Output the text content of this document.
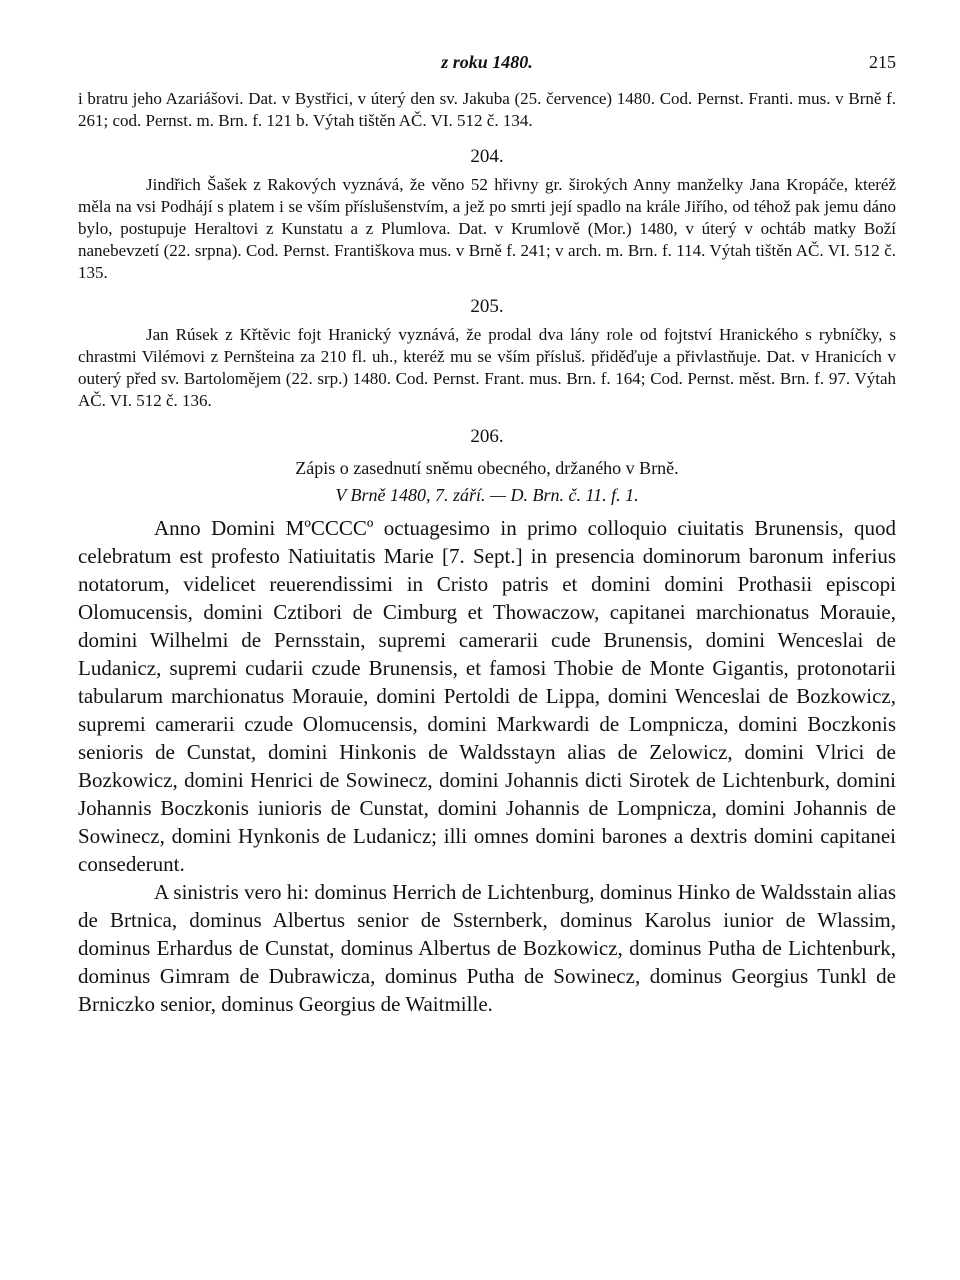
z roku 1480.	215

i bratru jeho Azariášovi. Dat. v Bystřici, v úterý den sv. Jakuba (25. července) 1480. Cod. Pernst. Franti. mus. v Brně f. 261; cod. Pernst. m. Brn. f. 121 b. Výtah tištěn AČ. VI. 512 č. 134.

204.

Jindřich Šašek z Rakových vyznává, že věno 52 hřivny gr. širokých Anny manželky Jana Kropáče, kteréž měla na vsi Podhájí s platem i se vším příslušenstvím, a jež po smrti její spadlo na krále Jiřího, od téhož pak jemu dáno bylo, postupuje Heraltovi z Kunstatu a z Plumlova. Dat. v Krumlově (Mor.) 1480, v úterý v ochtáb matky Boží nanebevzetí (22. srpna). Cod. Pernst. Františkova mus. v Brně f. 241; v arch. m. Brn. f. 114. Výtah tištěn AČ. VI. 512 č. 135.

205.

Jan Rúsek z Křtěvic fojt Hranický vyznává, že prodal dva lány role od fojtství Hranického s rybníčky, s chrastmi Vilémovi z Pernšteina za 210 fl. uh., kteréž mu se vším přísluš. přiděďuje a přivlastňuje. Dat. v Hranicích v outerý před sv. Bartolomějem (22. srp.) 1480. Cod. Pernst. Frant. mus. Brn. f. 164; Cod. Pernst. měst. Brn. f. 97. Výtah AČ. VI. 512 č. 136.

206.

Zápis o zasednutí sněmu obecného, držaného v Brně.

V Brně 1480, 7. září. — D. Brn. č. 11. f. 1.

Anno Domini MºCCCCº octuagesimo in primo colloquio ciuitatis Brunensis, quod celebratum est profesto Natiuitatis Marie [7. Sept.] in presencia dominorum baronum inferius notatorum, videlicet reuerendissimi in Cristo patris et domini domini Prothasii episcopi Olomucensis, domini Cztibori de Cimburg et Thowaczow, capitanei marchionatus Morauie, domini Wilhelmi de Pernsstain, supremi camerarii cude Brunensis, domini Wenceslai de Ludanicz, supremi cudarii czude Brunensis, et famosi Thobie de Monte Gigantis, protonotarii tabularum marchionatus Morauie, domini Pertoldi de Lippa, domini Wenceslai de Bozkowicz, supremi camerarii czude Olomucensis, domini Markwardi de Lompnicza, domini Boczkonis senioris de Cunstat, domini Hinkonis de Waldsstayn alias de Zelowicz, domini Vlrici de Bozkowicz, domini Henrici de Sowinecz, domini Johannis dicti Sirotek de Lichtenburk, domini Johannis Boczkonis iunioris de Cunstat, domini Johannis de Lompnicza, domini Johannis de Sowinecz, domini Hynkonis de Ludanicz; illi omnes domini barones a dextris domini capitanei consederunt.

A sinistris vero hi: dominus Herrich de Lichtenburg, dominus Hinko de Waldsstain alias de Brtnica, dominus Albertus senior de Ssternberk, dominus Karolus iunior de Wlassim, dominus Erhardus de Cunstat, dominus Albertus de Bozkowicz, dominus Putha de Lichtenburk, dominus Gimram de Dubrawicza, dominus Putha de Sowinecz, dominus Georgius Tunkl de Brniczko senior, dominus Georgius de Waitmille.
